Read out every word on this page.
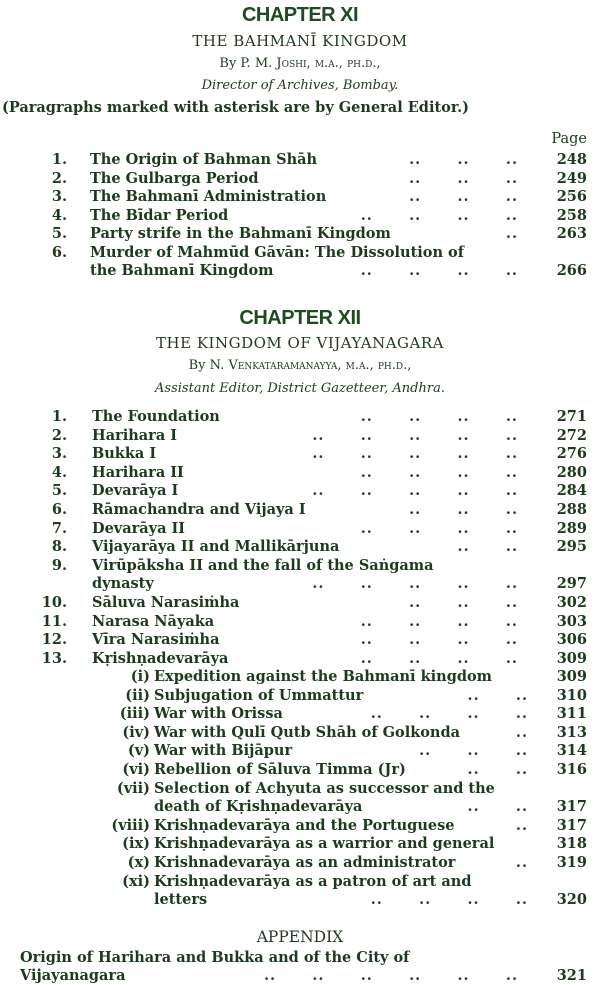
CHAPTER XI
THE BAHMANĪ KINGDOM
By P. M. Joshi, m.a., ph.d.,
Director of Archives, Bombay.
(Paragraphs marked with asterisk are by General Editor.)
Page
1. The Origin of Bahman Shāh	..      ..      ..	248
2. The Gulbarga Period	..      ..      ..	249
3. The Bahmanī Administration	..      ..      ..	256
4. The Bīdar Period	..      ..      ..      ..	258
5. Party strife in the Bahmanī Kingdom	..	263
6. Murder of Mahmūd Gāvān: The Dissolution of
the Bahmanī Kingdom	..      ..      ..      ..	266
CHAPTER XII
THE KINGDOM OF VIJAYANAGARA
By N. Venkataramanayya, m.a., ph.d.,
Assistant Editor, District Gazetteer, Andhra.
1. The Foundation	..      ..      ..      ..	271
2. Harihara I	..      ..      ..      ..      ..	272
3. Bukka I	..      ..      ..      ..      ..	276
4. Harihara II	..      ..      ..      ..	280
5. Devarāya I	..      ..      ..      ..      ..	284
6. Rāmachandra and Vijaya I	..      ..      ..	288
7. Devarāya II	..      ..      ..      ..	289
8. Vijayarāya II and Mallikārjuna	..      ..	295
9. Virūpāksha II and the fall of the Saṅgama
dynasty	..      ..      ..      ..      ..	297
10. Sāluva Narasiṁha	..      ..      ..	302
11. Narasa Nāyaka	..      ..      ..      ..	303
12. Vīra Narasiṁha	..      ..      ..      ..	306
13. Kṛishṇadevarāya	..      ..      ..      ..	309
(i) Expedition against the Bahmanī kingdom	309
(ii) Subjugation of Ummattur	..      .. 310
(iii) War with Orissa	..      ..      ..      .. 311
(iv) War with Qulī Qutb Shāh of Golkonda	.. 313
(v) War with Bijāpur	..      ..      .. 314
(vi) Rebellion of Sāluva Timma (Jr)	..      .. 316
(vii) Selection of Achyuta as successor and the
death of Kṛishṇadevarāya	..      .. 317
(viii) Krishṇadevarāya and the Portuguese	.. 317
(ix) Krishṇadevarāya as a warrior and general	318
(x) Krishnadevarāya as an administrator	.. 319
(xi) Krishṇadevarāya as a patron of art and
letters	..      ..      ..      .. 320
APPENDIX
Origin of Harihara and Bukka and of the City of
Vijayanagara	..      ..      ..      ..      ..      ..	321
